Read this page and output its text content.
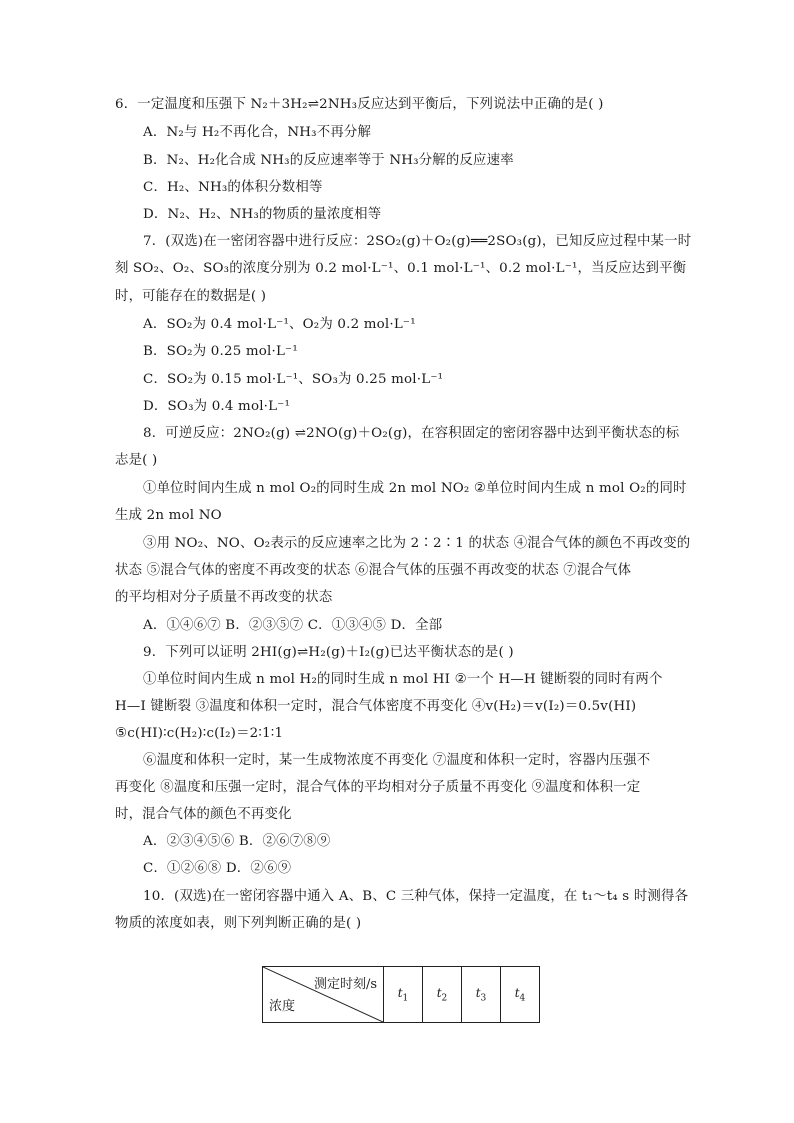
6．一定温度和压强下 N₂＋3H₂⇌2NH₃反应达到平衡后，下列说法中正确的是( )
A．N₂与 H₂不再化合，NH₃不再分解
B．N₂、H₂化合成 NH₃的反应速率等于 NH₃分解的反应速率
C．H₂、NH₃的体积分数相等
D．N₂、H₂、NH₃的物质的量浓度相等
7．(双选)在一密闭容器中进行反应：2SO₂(g)＋O₂(g)══2SO₃(g)，已知反应过程中某一时
刻 SO₂、O₂、SO₃的浓度分别为 0.2 mol·L⁻¹、0.1 mol·L⁻¹、0.2 mol·L⁻¹，当反应达到平衡
时，可能存在的数据是( )
A．SO₂为 0.4 mol·L⁻¹、O₂为 0.2 mol·L⁻¹
B．SO₂为 0.25 mol·L⁻¹
C．SO₂为 0.15 mol·L⁻¹、SO₃为 0.25 mol·L⁻¹
D．SO₃为 0.4 mol·L⁻¹
8．可逆反应：2NO₂(g) ⇌2NO(g)＋O₂(g)，在容积固定的密闭容器中达到平衡状态的标
志是( )
①单位时间内生成 n mol O₂的同时生成 2n mol NO₂ ②单位时间内生成 n mol O₂的同时
生成 2n mol NO
③用 NO₂、NO、O₂表示的反应速率之比为 2∶2∶1 的状态 ④混合气体的颜色不再改变的
状态 ⑤混合气体的密度不再改变的状态 ⑥混合气体的压强不再改变的状态 ⑦混合气体
的平均相对分子质量不再改变的状态
A．①④⑥⑦ B．②③⑤⑦ C．①③④⑤ D．全部
9．下列可以证明 2HI(g)⇌H₂(g)＋I₂(g)已达平衡状态的是( )
①单位时间内生成 n mol H₂的同时生成 n mol HI ②一个 H—H 键断裂的同时有两个
H—I 键断裂 ③温度和体积一定时，混合气体密度不再变化 ④v(H₂)＝v(I₂)＝0.5v(HI)
⑤c(HI)∶c(H₂)∶c(I₂)＝2∶1∶1
⑥温度和体积一定时，某一生成物浓度不再变化 ⑦温度和体积一定时，容器内压强不
再变化 ⑧温度和压强一定时，混合气体的平均相对分子质量不再变化 ⑨温度和体积一定
时，混合气体的颜色不再变化
A．②③④⑤⑥ B．②⑥⑦⑧⑨
C．①②⑥⑧ D．②⑥⑨
10．(双选)在一密闭容器中通入 A、B、C 三种气体，保持一定温度，在 t₁～t₄ s 时测得各
物质的浓度如表，则下列判断正确的是( )
测定时刻/s
浓度
	$t_1$	$t_2$	$t_3$	$t_4$
